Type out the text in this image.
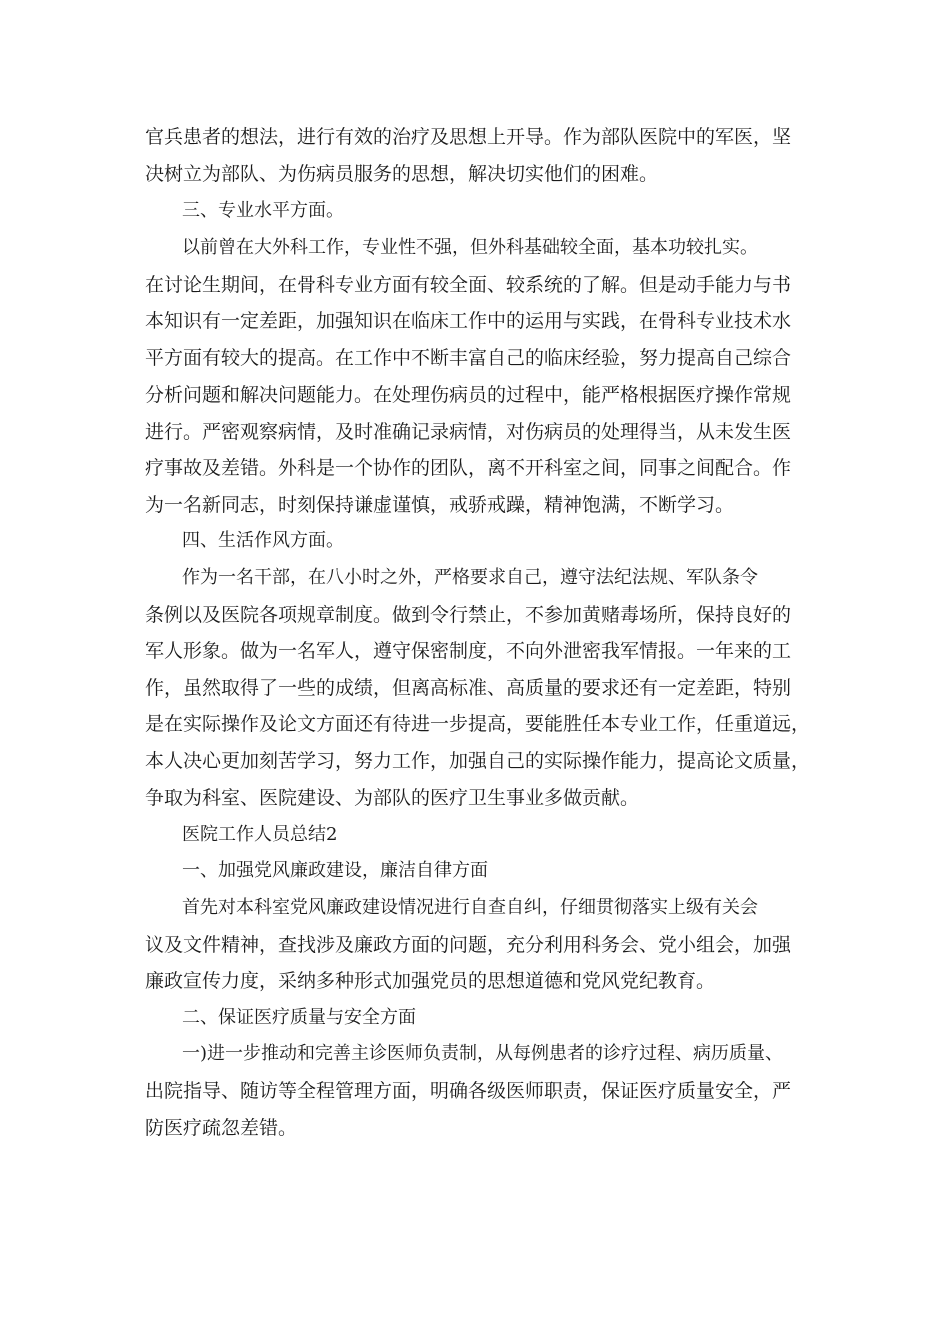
官兵患者的想法，进行有效的治疗及思想上开导。作为部队医院中的军医，坚
决树立为部队、为伤病员服务的思想，解决切实他们的困难。
三、专业水平方面。
以前曾在大外科工作，专业性不强，但外科基础较全面，基本功较扎实。
在讨论生期间，在骨科专业方面有较全面、较系统的了解。但是动手能力与书
本知识有一定差距，加强知识在临床工作中的运用与实践，在骨科专业技术水
平方面有较大的提高。在工作中不断丰富自己的临床经验，努力提高自己综合
分析问题和解决问题能力。在处理伤病员的过程中，能严格根据医疗操作常规
进行。严密观察病情，及时准确记录病情，对伤病员的处理得当，从未发生医
疗事故及差错。外科是一个协作的团队，离不开科室之间，同事之间配合。作
为一名新同志，时刻保持谦虚谨慎，戒骄戒躁，精神饱满，不断学习。
四、生活作风方面。
作为一名干部，在八小时之外，严格要求自己，遵守法纪法规、军队条令
条例以及医院各项规章制度。做到令行禁止，不参加黄赌毒场所，保持良好的
军人形象。做为一名军人，遵守保密制度，不向外泄密我军情报。一年来的工
作，虽然取得了一些的成绩，但离高标准、高质量的要求还有一定差距，特别
是在实际操作及论文方面还有待进一步提高，要能胜任本专业工作，任重道远，
本人决心更加刻苦学习，努力工作，加强自己的实际操作能力，提高论文质量，
争取为科室、医院建设、为部队的医疗卫生事业多做贡献。
医院工作人员总结2
一、加强党风廉政建设，廉洁自律方面
首先对本科室党风廉政建设情况进行自查自纠，仔细贯彻落实上级有关会
议及文件精神，查找涉及廉政方面的问题，充分利用科务会、党小组会，加强
廉政宣传力度，采纳多种形式加强党员的思想道德和党风党纪教育。
二、保证医疗质量与安全方面
一)进一步推动和完善主诊医师负责制，从每例患者的诊疗过程、病历质量、
出院指导、随访等全程管理方面，明确各级医师职责，保证医疗质量安全，严
防医疗疏忽差错。
